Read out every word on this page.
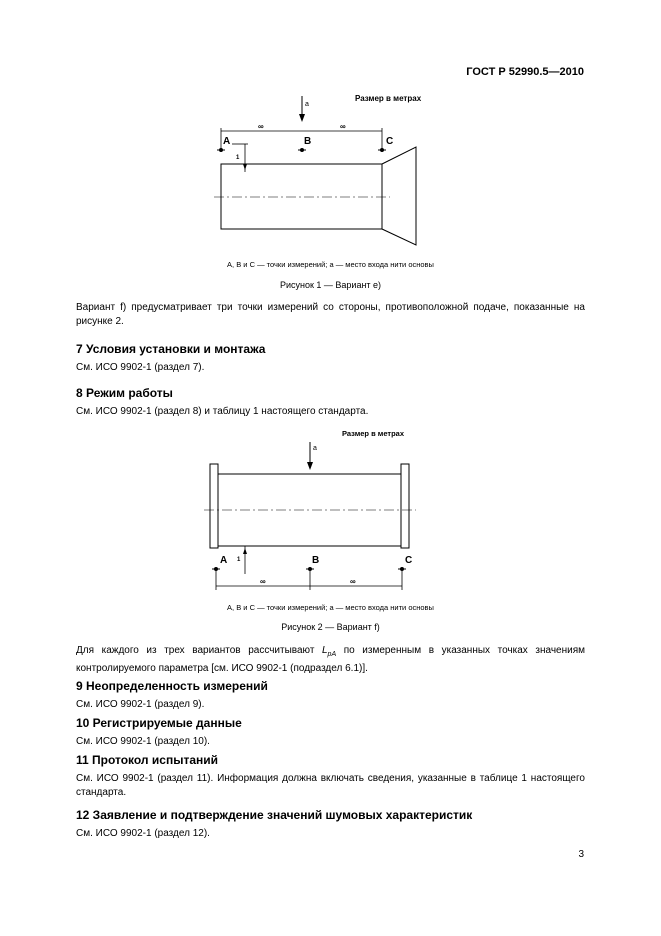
ГОСТ Р 52990.5—2010
Размер в метрах
a
∞	∞
A	B	C
1
A, B и C — точки измерений; a — место входа нити основы
Рисунок 1 — Вариант е)
Вариант f) предусматривает три точки измерений со стороны, противоположной подаче, показанные на рисунке 2.
7 Условия установки и монтажа
См. ИСО 9902-1 (раздел 7).
8 Режим работы
См. ИСО 9902-1 (раздел 8) и таблицу 1 настоящего стандарта.
Размер в метрах
a
1
A	B	C
∞	∞
A, B и C — точки измерений; a — место входа нити основы
Рисунок 2 — Вариант f)
Для каждого из трех вариантов рассчитывают $L_{pA}$ по измеренным в указанных точках значениям контролируемого параметра [см. ИСО 9902-1 (подраздел 6.1)].
9 Неопределенность измерений
См. ИСО 9902-1 (раздел 9).
10 Регистрируемые данные
См. ИСО 9902-1 (раздел 10).
11 Протокол испытаний
См. ИСО 9902-1 (раздел 11). Информация должна включать сведения, указанные в таблице 1 настоящего стандарта.
12 Заявление и подтверждение значений шумовых характеристик
См. ИСО 9902-1 (раздел 12).
3
